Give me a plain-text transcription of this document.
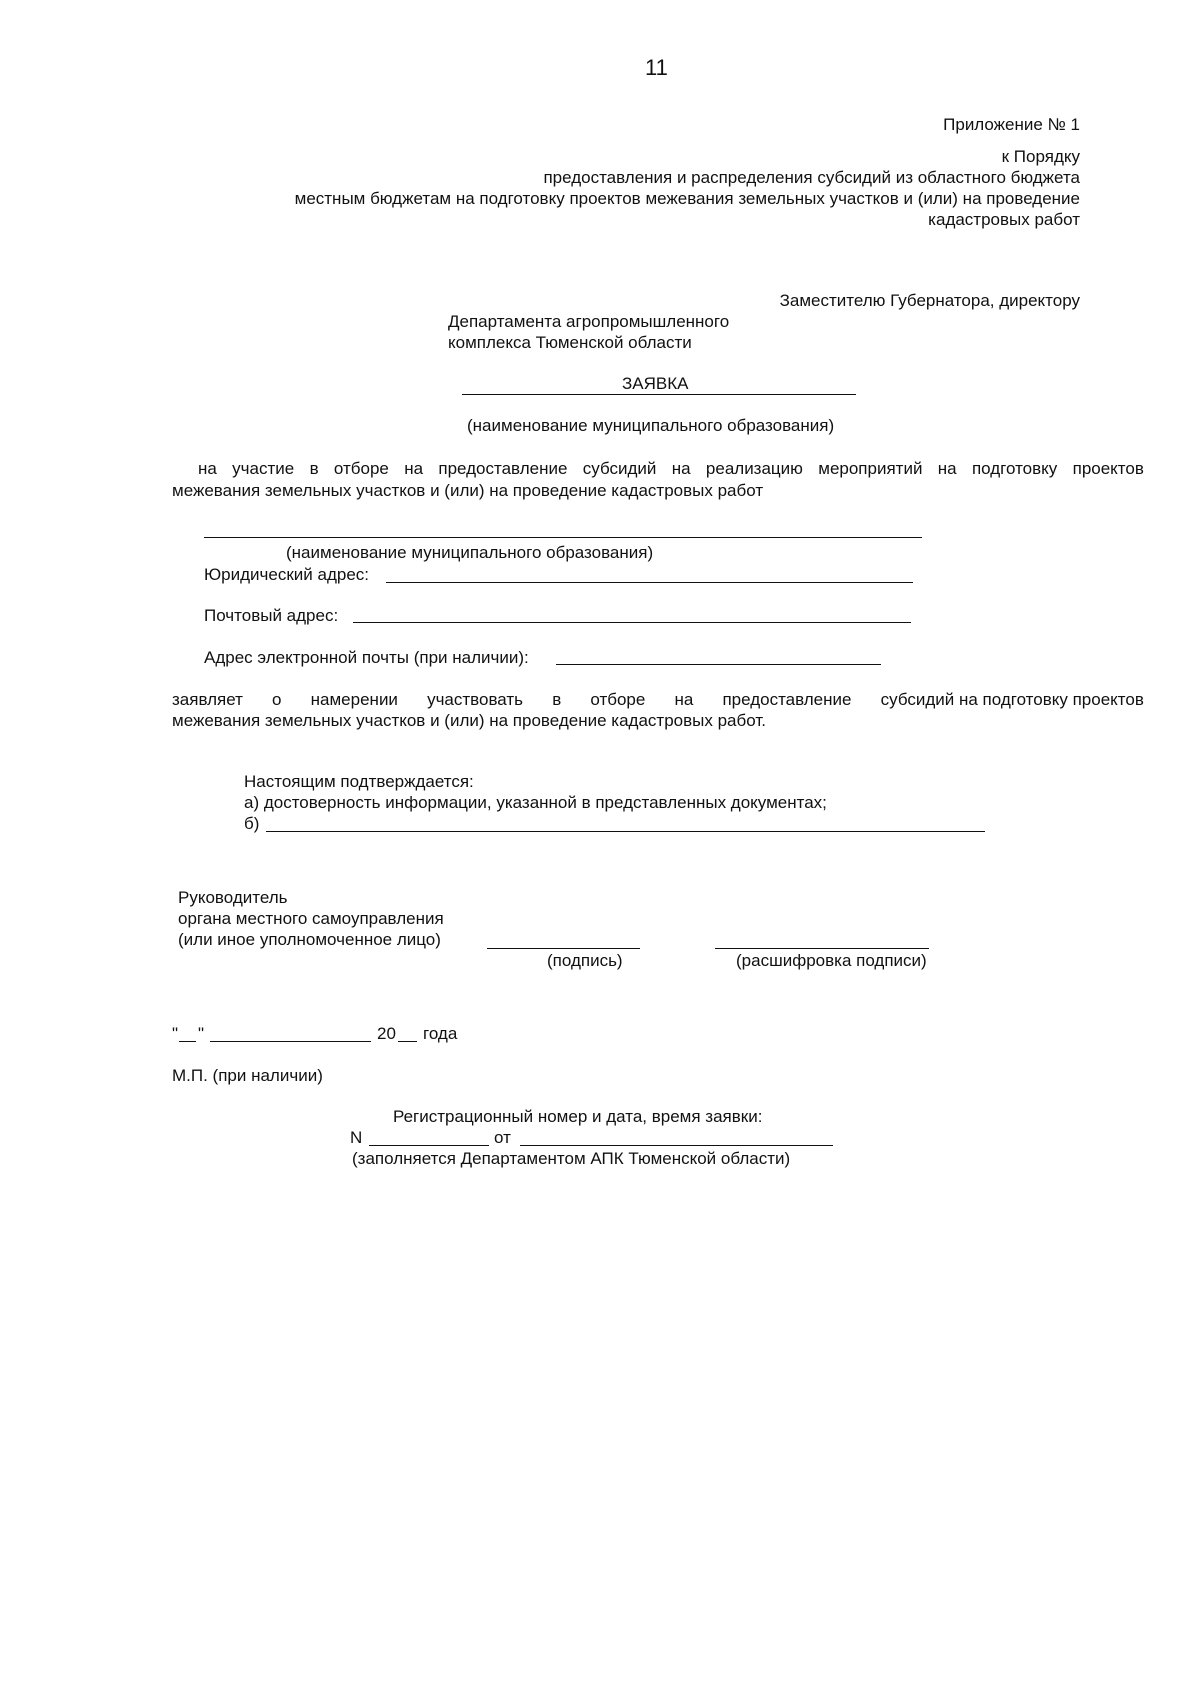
11
Приложение № 1
к Порядку
предоставления и распределения субсидий из областного бюджета
местным бюджетам на подготовку проектов межевания земельных участков и (или) на проведение
кадастровых работ
Заместителю Губернатора, директору
Департамента агропромышленного
комплекса Тюменской области
ЗАЯВКА
(наименование муниципального образования)
на участие в отборе на предоставление субсидий на реализацию мероприятий на подготовку проектов
межевания земельных участков и (или) на проведение кадастровых работ
(наименование муниципального образования)
Юридический адрес:
Почтовый адрес:
Адрес электронной почты (при наличии):
заявляет о намерении участвовать в отборе на предоставление субсидий на подготовку проектов
межевания земельных участков и (или) на проведение кадастровых работ.
Настоящим подтверждается:
а) достоверность информации, указанной в представленных документах;
б)
Руководитель
органа местного самоуправления
(или иное уполномоченное лицо)
(подпись)	(расшифровка подписи)
" "	20 года
М.П. (при наличии)
Регистрационный номер и дата, время заявки:
N	от
(заполняется Департаментом АПК Тюменской области)
